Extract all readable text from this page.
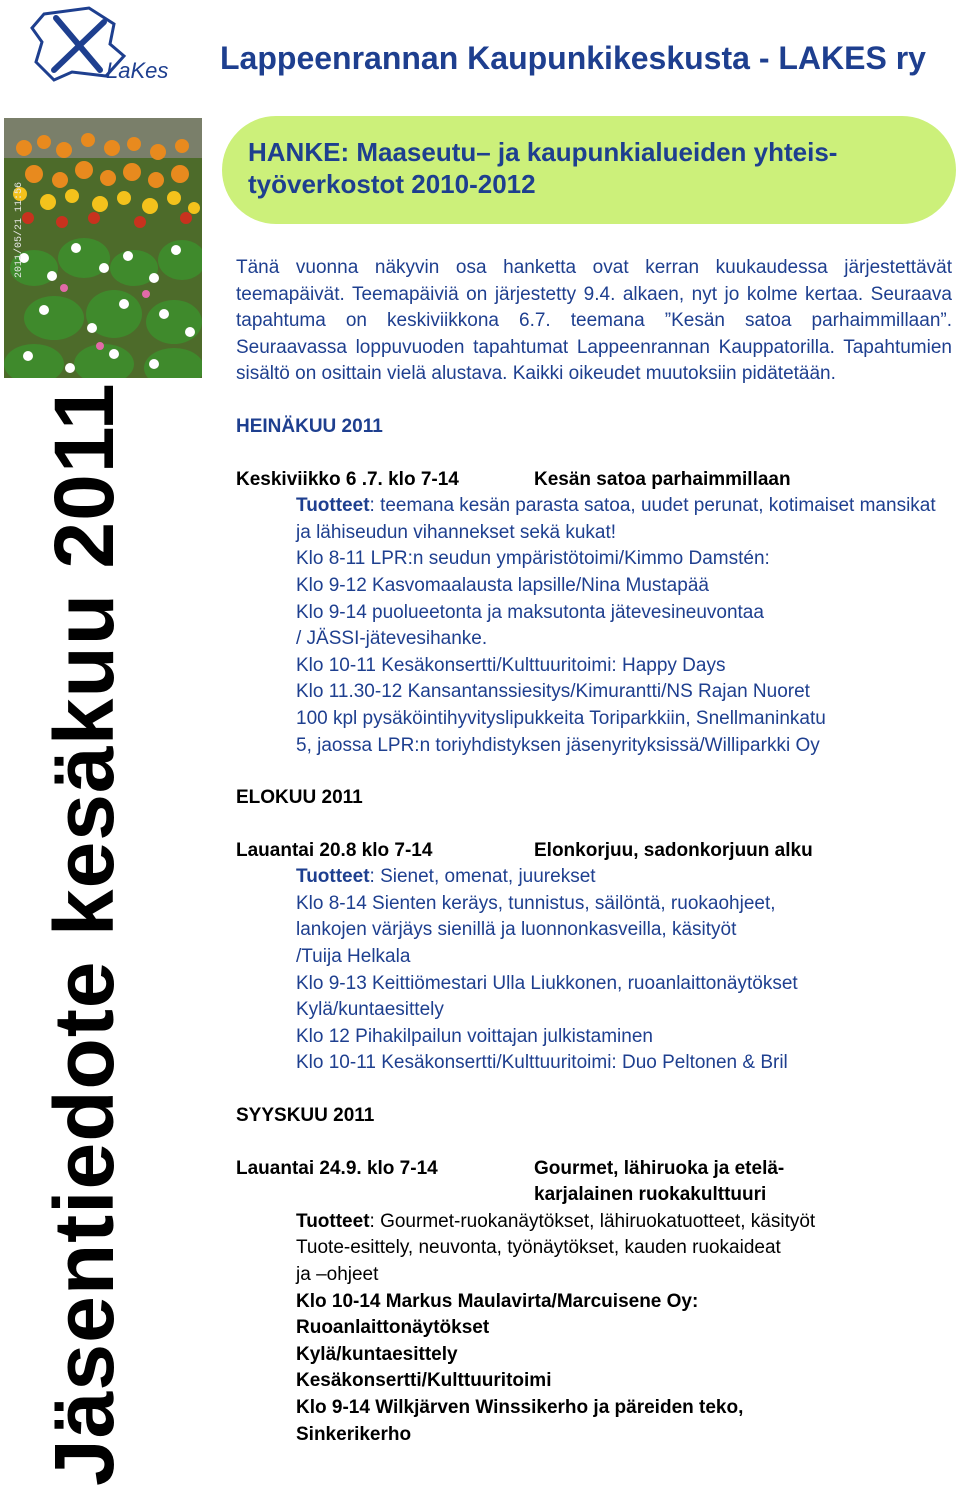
LaKes Lappeenrannan Kaupunkikeskusta - LAKES ry
2011/05/21 11:56
Jäsentiedote kesäkuu 2011
HANKE: Maaseutu– ja kaupunkialueiden yhteis-
työverkostot 2010-2012

Tänä vuonna näkyvin osa hanketta ovat kerran kuukaudessa järjestettävät teemapäivät. Teemapäiviä on järjestetty 9.4. alkaen, nyt jo kolme kertaa. Seuraava tapahtuma on keskiviikkona 6.7. teemana ”Kesän satoa parhaimmillaan”. Seuraavassa loppuvuoden tapahtumat Lappeenrannan Kauppatorilla. Tapahtumien sisältö on osittain vielä alustava. Kaikki oikeudet muutoksiin pidätetään.

HEINÄKUU 2011
Keskiviikko 6 .7. klo 7-14	Kesän satoa parhaimmillaan
Tuotteet: teemana kesän parasta satoa, uudet perunat, kotimaiset mansikat ja lähiseudun vihannekset sekä kukat!
Klo 8-11 LPR:n seudun ympäristötoimi/Kimmo Damstén:
Klo 9-12 Kasvomaalausta lapsille/Nina Mustapää
Klo 9-14 puolueetonta ja maksutonta jätevesineuvontaa
/ JÄSSI-jätevesihanke.
Klo 10-11 Kesäkonsertti/Kulttuuritoimi: Happy Days
Klo 11.30-12 Kansantanssiesitys/Kimurantti/NS Rajan Nuoret
100 kpl pysäköintihyvityslipukkeita Toriparkkiin, Snellmaninkatu
5, jaossa LPR:n toriyhdistyksen jäsenyrityksissä/Williparkki Oy
ELOKUU 2011
Lauantai 20.8 klo 7-14	Elonkorjuu, sadonkorjuun alku
Tuotteet: Sienet, omenat, juurekset
Klo 8-14 Sienten keräys, tunnistus, säilöntä, ruokaohjeet,
lankojen värjäys sienillä ja luonnonkasveilla, käsityöt
/Tuija Helkala
Klo 9-13 Keittiömestari Ulla Liukkonen, ruoanlaittonäytökset
Kylä/kuntaesittely
Klo 12 Pihakilpailun voittajan julkistaminen
Klo 10-11 Kesäkonsertti/Kulttuuritoimi: Duo Peltonen & Bril
SYYSKUU 2011
Lauantai 24.9. klo 7-14	Gourmet, lähiruoka ja etelä-
karjalainen ruokakulttuuri
Tuotteet: Gourmet-ruokanäytökset, lähiruokatuotteet, käsityöt
Tuote-esittely, neuvonta, työnäytökset, kauden ruokaideat
ja –ohjeet
Klo 10-14 Markus Maulavirta/Marcuisene Oy:
Ruoanlaittonäytökset
Kylä/kuntaesittely
Kesäkonsertti/Kulttuuritoimi
Klo 9-14 Wilkjärven Winssikerho ja päreiden teko,
Sinkerikerho
